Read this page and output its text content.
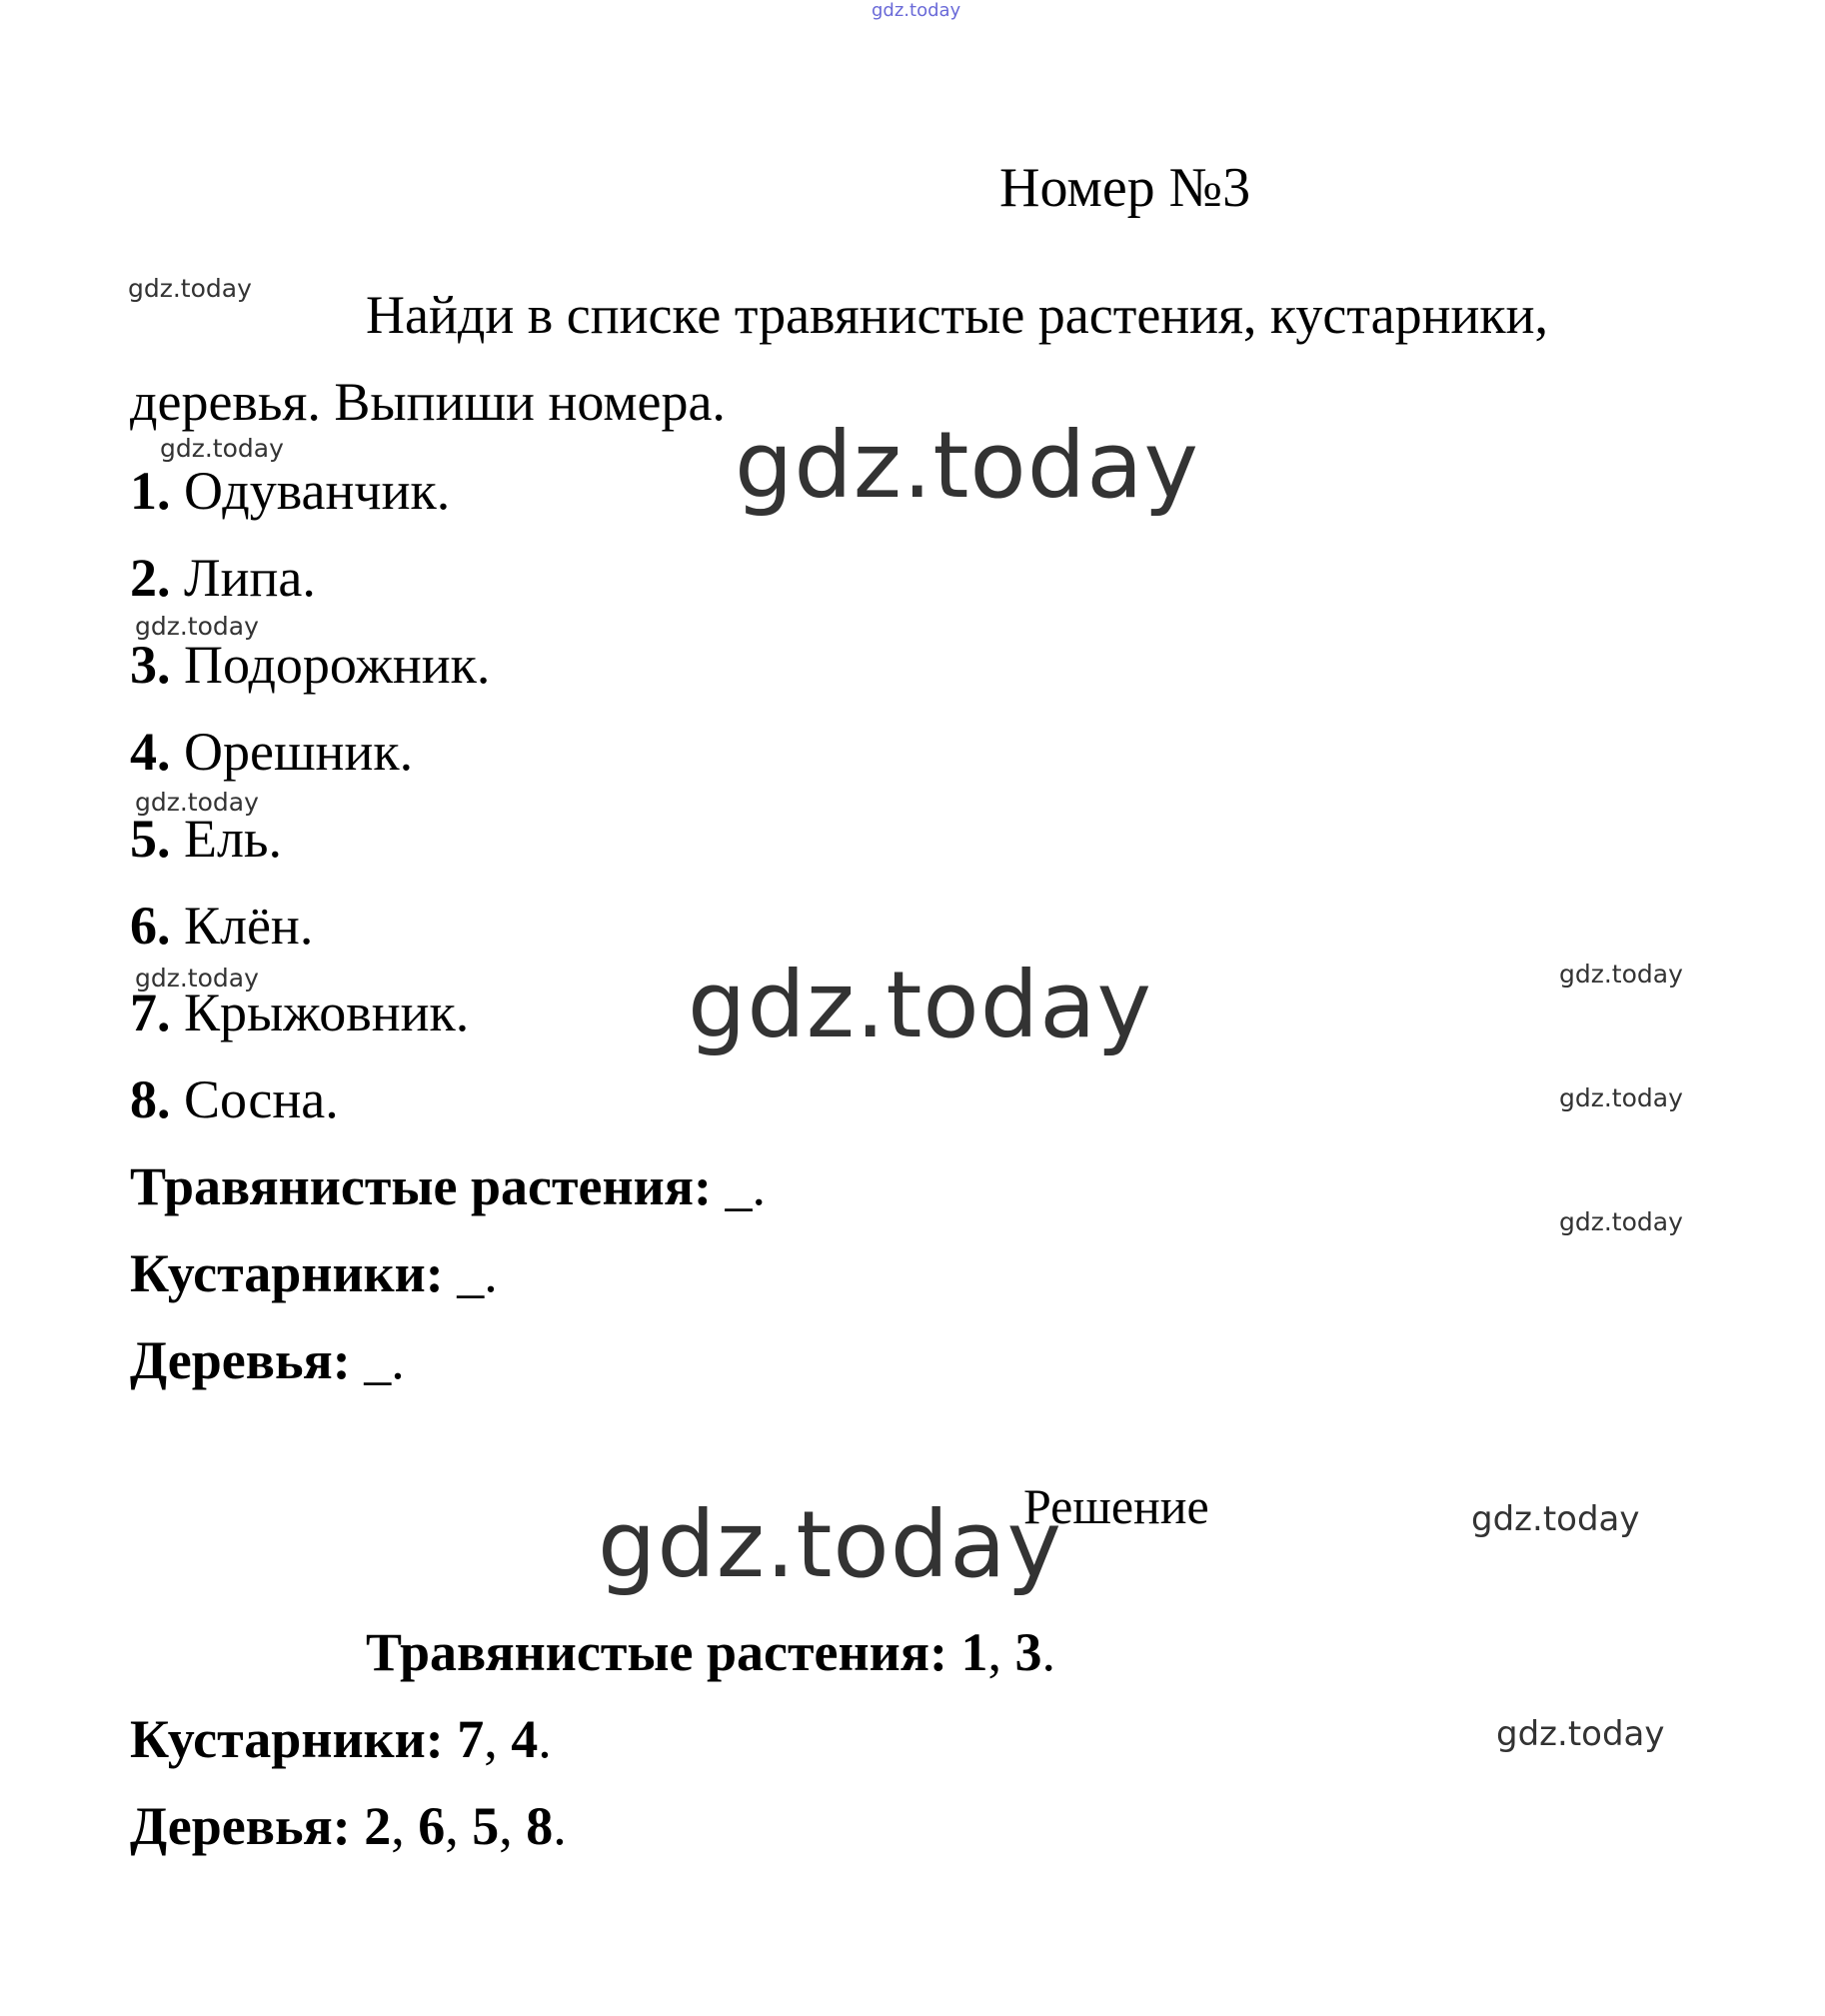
gdz.today
gdz.today
gdz.today	gdz.today
gdz.today
gdz.today
gdz.today	gdz.today	gdz.today
gdz.today
gdz.today
gdz.today	gdz.today
gdz.today
Номер №3
Найди в списке травянистые растения, кустарники,
деревья. Выпиши номера.
1. Одуванчик.
2. Липа.
3. Подорожник.
4. Орешник.
5. Ель.
6. Клён.
7. Крыжовник.
8. Сосна.
Травянистые растения: _.
Кустарники: _.
Деревья: _.
Решение
Травянистые растения: 1, 3.
Кустарники: 7, 4.
Деревья: 2, 6, 5, 8.
